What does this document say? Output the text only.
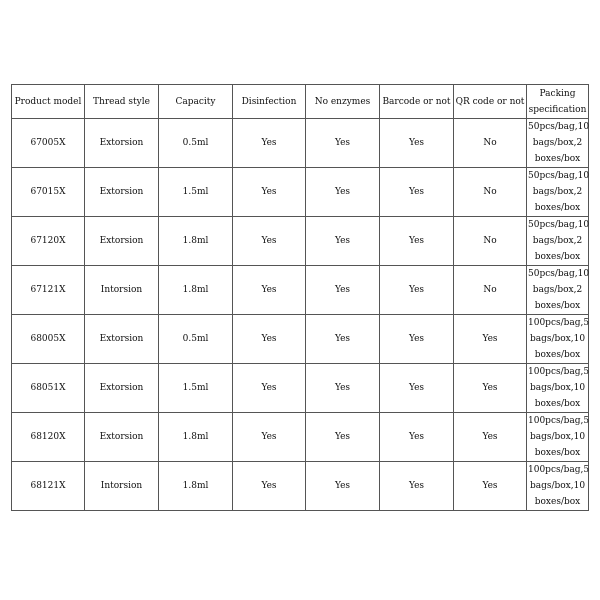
Product model	Thread style	Capacity	Disinfection	No enzymes	Barcode or not	QR code or not	Packing specification
67005X	Extorsion	0.5ml	Yes	Yes	Yes	No	50pcs/bag,10 bags/box,2 boxes/box
67015X	Extorsion	1.5ml	Yes	Yes	Yes	No	50pcs/bag,10 bags/box,2 boxes/box
67120X	Extorsion	1.8ml	Yes	Yes	Yes	No	50pcs/bag,10 bags/box,2 boxes/box
67121X	Intorsion	1.8ml	Yes	Yes	Yes	No	50pcs/bag,10 bags/box,2 boxes/box
68005X	Extorsion	0.5ml	Yes	Yes	Yes	Yes	100pcs/bag,5 bags/box,10 boxes/box
68051X	Extorsion	1.5ml	Yes	Yes	Yes	Yes	100pcs/bag,5 bags/box,10 boxes/box
68120X	Extorsion	1.8ml	Yes	Yes	Yes	Yes	100pcs/bag,5 bags/box,10 boxes/box
68121X	Intorsion	1.8ml	Yes	Yes	Yes	Yes	100pcs/bag,5 bags/box,10 boxes/box
